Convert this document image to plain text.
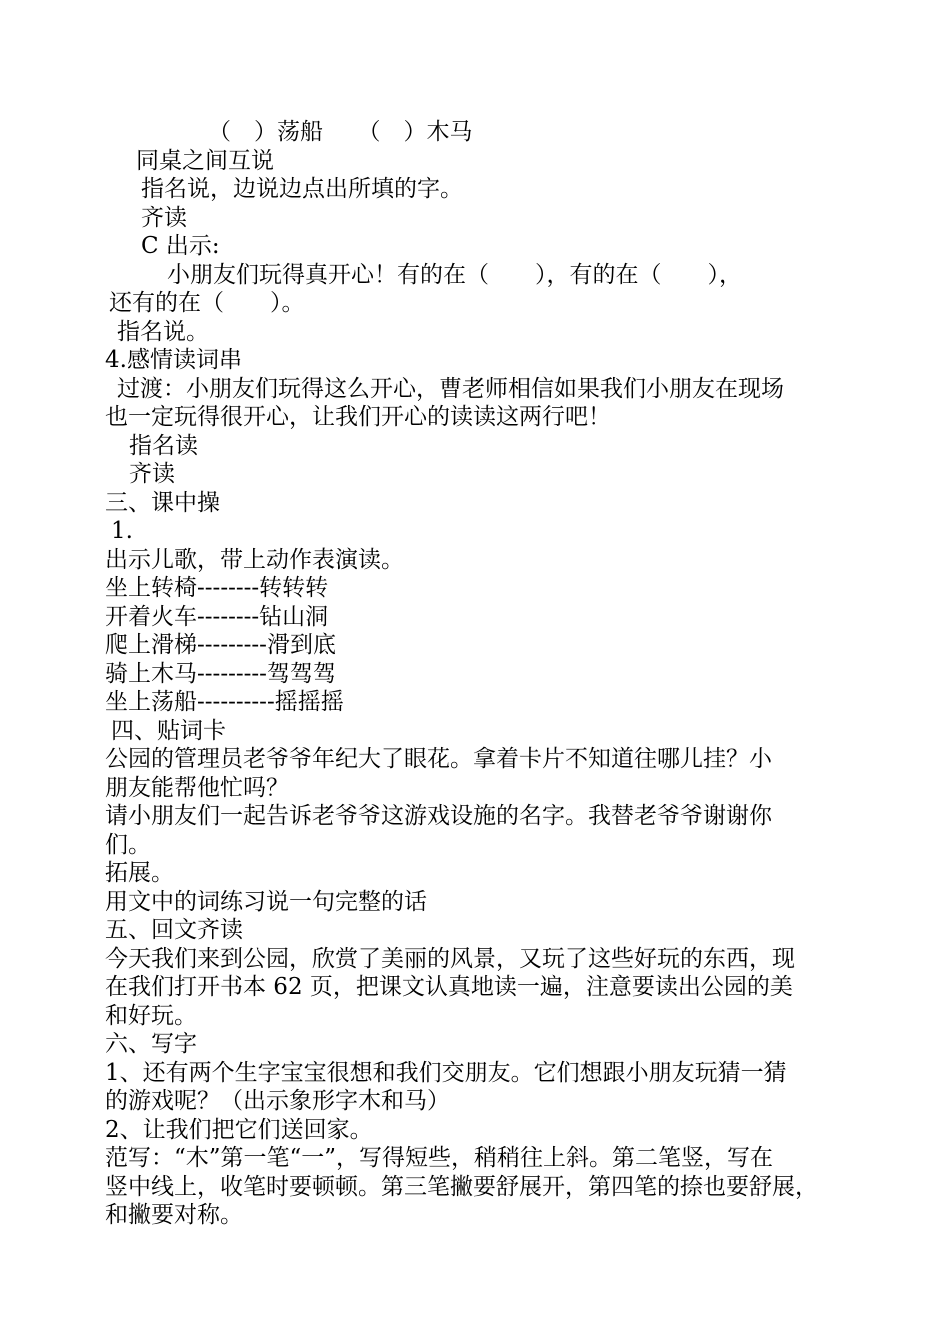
（　）荡船　　（　）木马
同桌之间互说
指名说，边说边点出所填的字。
齐读
C 出示:
小朋友们玩得真开心！有的在（　　），有的在（　　），
还有的在（　　）。
指名说。
4.感情读词串
过渡：小朋友们玩得这么开心，曹老师相信如果我们小朋友在现场
也一定玩得很开心，让我们开心的读读这两行吧！
指名读
齐读
三、课中操
1.
出示儿歌，带上动作表演读。
坐上转椅--------转转转
开着火车--------钻山洞
爬上滑梯---------滑到底
骑上木马---------驾驾驾
坐上荡船----------摇摇摇
四、贴词卡
公园的管理员老爷爷年纪大了眼花。拿着卡片不知道往哪儿挂？小
朋友能帮他忙吗？
请小朋友们一起告诉老爷爷这游戏设施的名字。我替老爷爷谢谢你
们。
拓展。
用文中的词练习说一句完整的话
五、回文齐读
今天我们来到公园，欣赏了美丽的风景，又玩了这些好玩的东西，现
在我们打开书本 62 页，把课文认真地读一遍，注意要读出公园的美
和好玩。
六、写字
1、还有两个生字宝宝很想和我们交朋友。它们想跟小朋友玩猜一猜
的游戏呢？（出示象形字木和马）
2、让我们把它们送回家。
范写：“木”第一笔“一”，写得短些，稍稍往上斜。第二笔竖，写在
竖中线上，收笔时要顿顿。第三笔撇要舒展开，第四笔的捺也要舒展，
和撇要对称。
